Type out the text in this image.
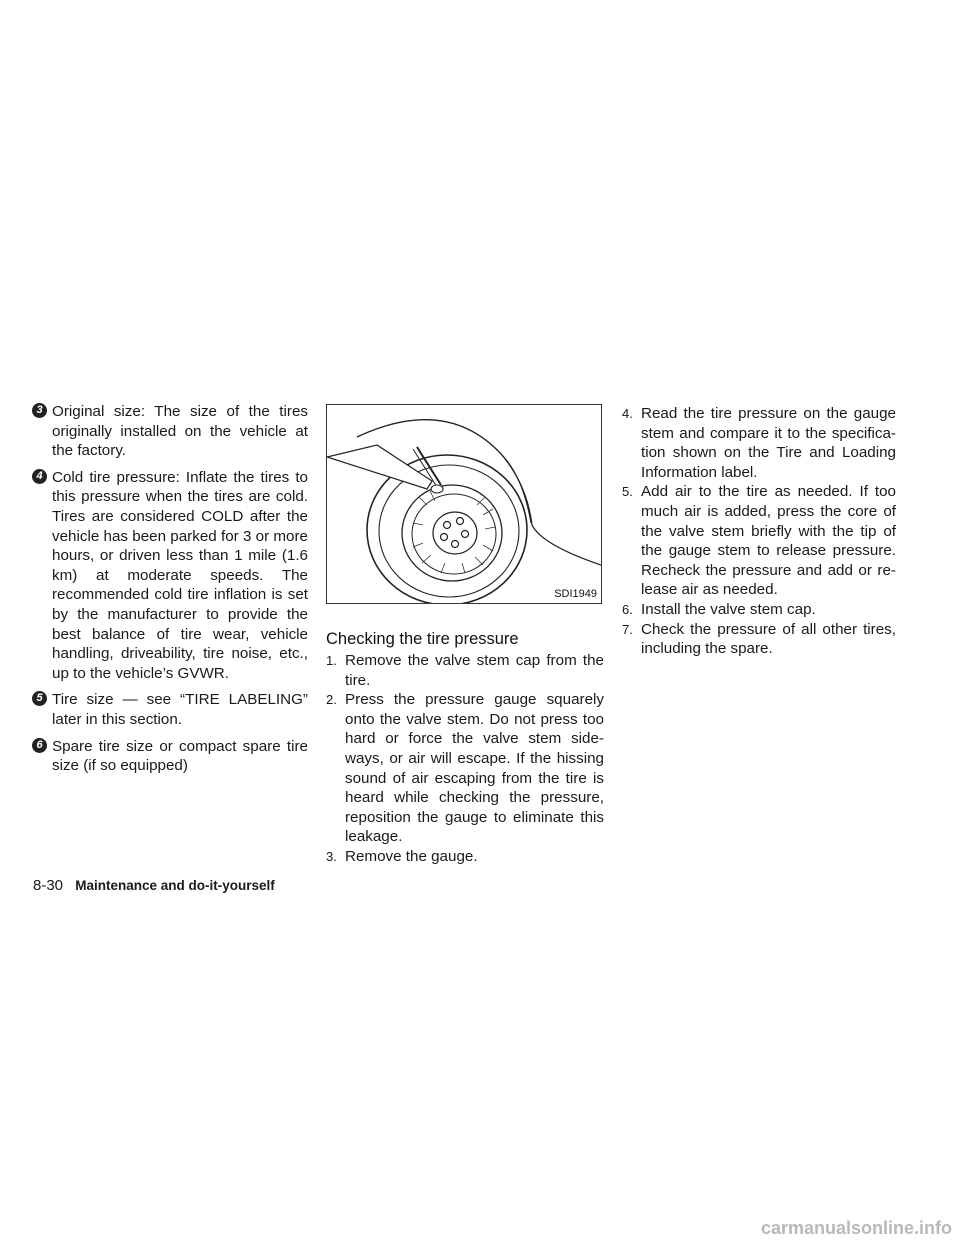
3 Original size: The size of the tires originally installed on the vehicle at the factory.
4 Cold tire pressure: Inflate the tires to this pressure when the tires are cold. Tires are considered COLD after the vehicle has been parked for 3 or more hours, or driven less than 1 mile (1.6 km) at moderate speeds. The recommended cold tire inflation is set by the manufacturer to provide the best balance of tire wear, vehicle handling, driveability, tire noise, etc., up to the vehicle’s GVWR.
5 Tire size — see “TIRE LABELING” later in this section.
6 Spare tire size or compact spare tire size (if so equipped)
SDI1949
Checking the tire pressure
1. Remove the valve stem cap from the tire.
2. Press the pressure gauge squarely onto the valve stem. Do not press too hard or force the valve stem side-ways, or air will escape. If the hissing sound of air escaping from the tire is heard while checking the pressure, reposition the gauge to eliminate this leakage.
3. Remove the gauge.
4. Read the tire pressure on the gauge stem and compare it to the specifica-tion shown on the Tire and Loading Information label.
5. Add air to the tire as needed. If too much air is added, press the core of the valve stem briefly with the tip of the gauge stem to release pressure. Recheck the pressure and add or re-lease air as needed.
6. Install the valve stem cap.
7. Check the pressure of all other tires, including the spare.
8-30 Maintenance and do-it-yourself
carmanualsonline.info
